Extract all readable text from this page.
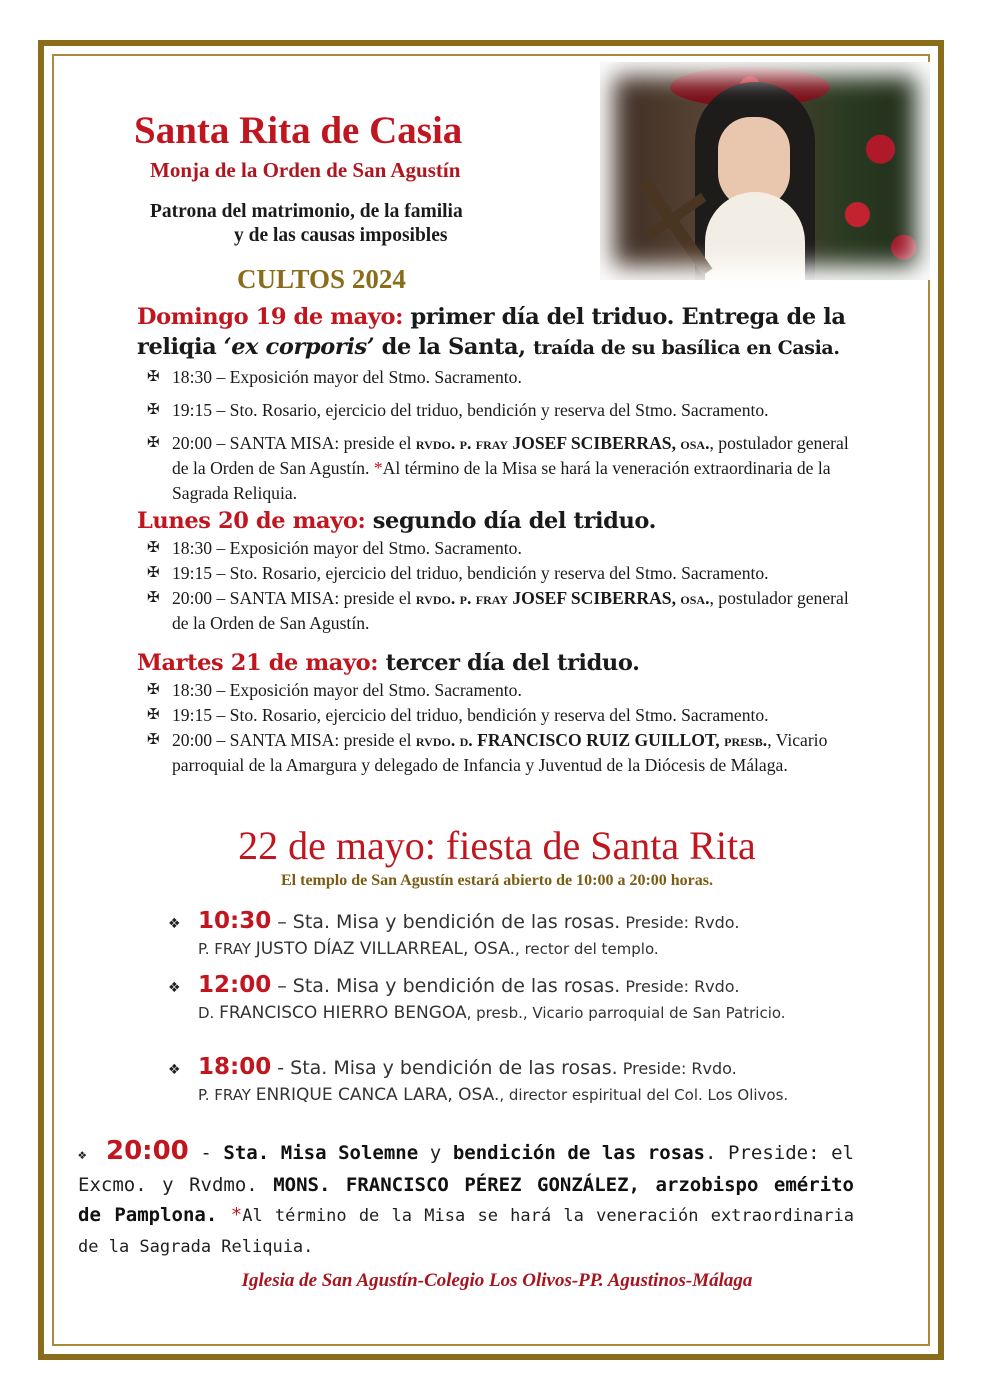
Santa Rita de Casia
Monja de la Orden de San Agustín
Patrona del matrimonio, de la familia
y de las causas imposibles
CULTOS 2024
Domingo 19 de mayo: primer día del triduo. Entrega de la reliqia ‘ex corporis’ de la Santa, traída de su basílica en Casia.
✠ 18:30 – Exposición mayor del Stmo. Sacramento.
✠ 19:15 – Sto. Rosario, ejercicio del triduo, bendición y reserva del Stmo. Sacramento.
✠ 20:00 – SANTA MISA: preside el rvdo. p. fray JOSEF SCIBERRAS, osa., postulador general de la Orden de San Agustín. *Al término de la Misa se hará la veneración extraordinaria de la Sagrada Reliquia.
Lunes 20 de mayo: segundo día del triduo.
✠ 18:30 – Exposición mayor del Stmo. Sacramento.
✠ 19:15 – Sto. Rosario, ejercicio del triduo, bendición y reserva del Stmo. Sacramento.
✠ 20:00 – SANTA MISA: preside el rvdo. p. fray JOSEF SCIBERRAS, osa., postulador general de la Orden de San Agustín.
Martes 21 de mayo: tercer día del triduo.
✠ 18:30 – Exposición mayor del Stmo. Sacramento.
✠ 19:15 – Sto. Rosario, ejercicio del triduo, bendición y reserva del Stmo. Sacramento.
✠ 20:00 – SANTA MISA: preside el rvdo. d. FRANCISCO RUIZ GUILLOT, presb., Vicario parroquial de la Amargura y delegado de Infancia y Juventud de la Diócesis de Málaga.
22 de mayo: fiesta de Santa Rita
El templo de San Agustín estará abierto de 10:00 a 20:00 horas.
❖ 10:30 – Sta. Misa y bendición de las rosas. Preside: Rvdo.
P. FRAY JUSTO DÍAZ VILLARREAL, OSA., rector del templo.
❖ 12:00 – Sta. Misa y bendición de las rosas. Preside: Rvdo.
D. FRANCISCO HIERRO BENGOA, presb., Vicario parroquial de San Patricio.
❖ 18:00 - Sta. Misa y bendición de las rosas. Preside: Rvdo.
P. FRAY ENRIQUE CANCA LARA, OSA., director espiritual del Col. Los Olivos.
❖ 20:00 - Sta. Misa Solemne y bendición de las rosas. Preside: el Excmo. y Rvdmo. MONS. FRANCISCO PÉREZ GONZÁLEZ, arzobispo emérito de Pamplona. *Al término de la Misa se hará la veneración extraordinaria de la Sagrada Reliquia.
Iglesia de San Agustín-Colegio Los Olivos-PP. Agustinos-Málaga
